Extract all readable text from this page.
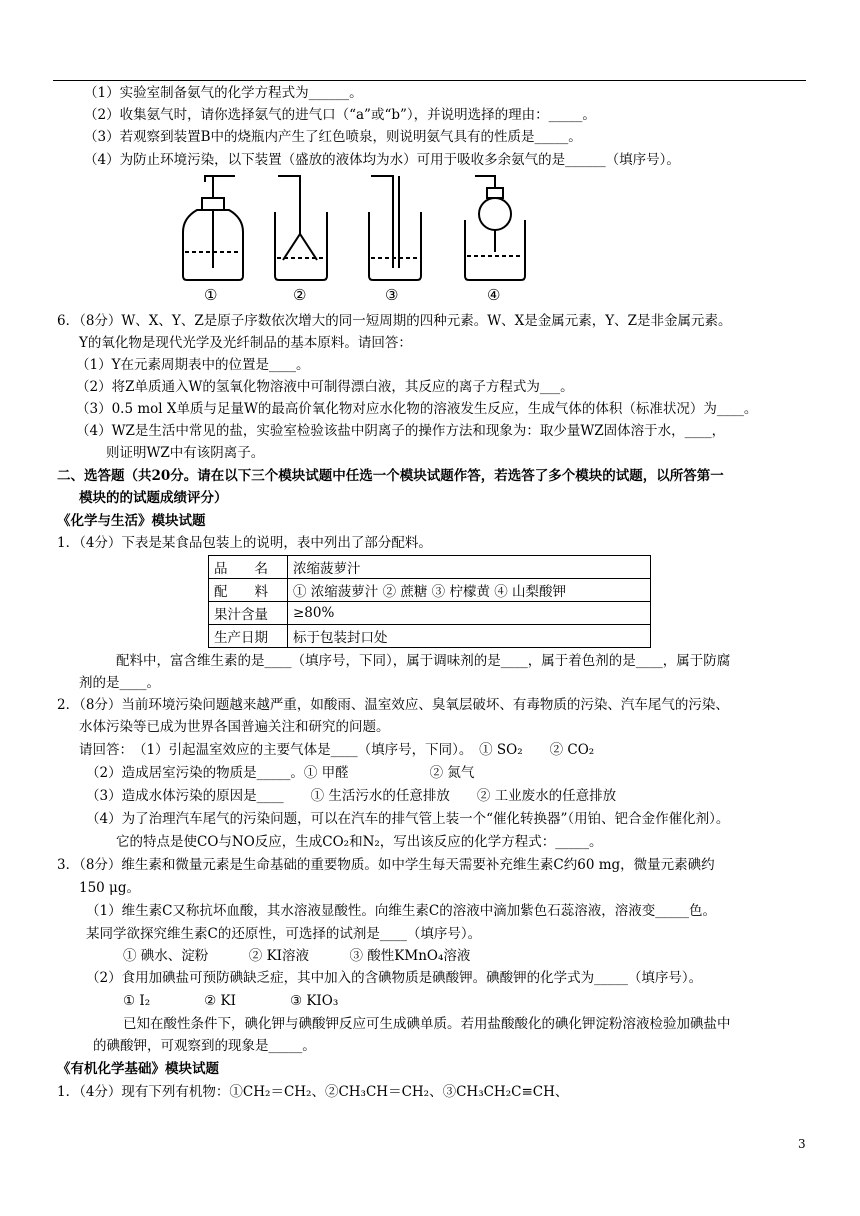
（1）实验室制备氨气的化学方程式为______。
（2）收集氨气时，请你选择氨气的进气口（“a”或“b”），并说明选择的理由：_____。
（3）若观察到装置B中的烧瓶内产生了红色喷泉，则说明氨气具有的性质是_____。
（4）为防止环境污染，以下装置（盛放的液体均为水）可用于吸收多余氨气的是______（填序号）。
①	②	③	④
6．（8分）W、X、Y、Z是原子序数依次增大的同一短周期的四种元素。W、X是金属元素，Y、Z是非金属元素。
Y的氧化物是现代光学及光纤制品的基本原料。请回答：
（1）Y在元素周期表中的位置是____。
（2）将Z单质通入W的氢氧化物溶液中可制得漂白液，其反应的离子方程式为___。
（3）0.5 mol X单质与足量W的最高价氧化物对应水化物的溶液发生反应，生成气体的体积（标准状况）为____。
（4）WZ是生活中常见的盐，实验室检验该盐中阴离子的操作方法和现象为：取少量WZ固体溶于水，____，
则证明WZ中有该阴离子。
二、选答题（共20分。请在以下三个模块试题中任选一个模块试题作答，若选答了多个模块的试题，以所答第一
模块的的试题成绩评分）
《化学与生活》模块试题
1．（4分）下表是某食品包装上的说明，表中列出了部分配料。
品　　名	浓缩菠萝汁
配　　料	① 浓缩菠萝汁 ② 蔗糖 ③ 柠檬黄 ④ 山梨酸钾
果汁含量	≥80%
生产日期	标于包装封口处
配料中，富含维生素的是____（填序号，下同），属于调味剂的是____，属于着色剂的是____，属于防腐
剂的是____。
2．（8分）当前环境污染问题越来越严重，如酸雨、温室效应、臭氧层破坏、有毒物质的污染、汽车尾气的污染、
水体污染等已成为世界各国普遍关注和研究的问题。
请回答：　（1）引起温室效应的主要气体是____（填序号，下同）。　① SO₂　　② CO₂
（2）造成居室污染的物质是_____。① 甲醛　　　　　　② 氮气
（3）造成水体污染的原因是____　　① 生活污水的任意排放　　② 工业废水的任意排放
（4）为了治理汽车尾气的污染问题，可以在汽车的排气管上装一个“催化转换器”（用铂、钯合金作催化剂）。
它的特点是使CO与NO反应，生成CO₂和N₂，写出该反应的化学方程式：_____。
3．（8分）维生素和微量元素是生命基础的重要物质。如中学生每天需要补充维生素C约60 mg，微量元素碘约
150 μg。
（1）维生素C又称抗坏血酸，其水溶液显酸性。向维生素C的溶液中滴加紫色石蕊溶液，溶液变_____色。
某同学欲探究维生素C的还原性，可选择的试剂是____（填序号）。
① 碘水、淀粉　　　② KI溶液　　　③ 酸性KMnO₄溶液
（2）食用加碘盐可预防碘缺乏症，其中加入的含碘物质是碘酸钾。碘酸钾的化学式为_____（填序号）。
① I₂　　　　② KI　　　　③ KIO₃
已知在酸性条件下，碘化钾与碘酸钾反应可生成碘单质。若用盐酸酸化的碘化钾淀粉溶液检验加碘盐中
的碘酸钾，可观察到的现象是_____。
《有机化学基础》模块试题
1．（4分）现有下列有机物：①CH₂＝CH₂、②CH₃CH＝CH₂、③CH₃CH₂C≡CH、
3
